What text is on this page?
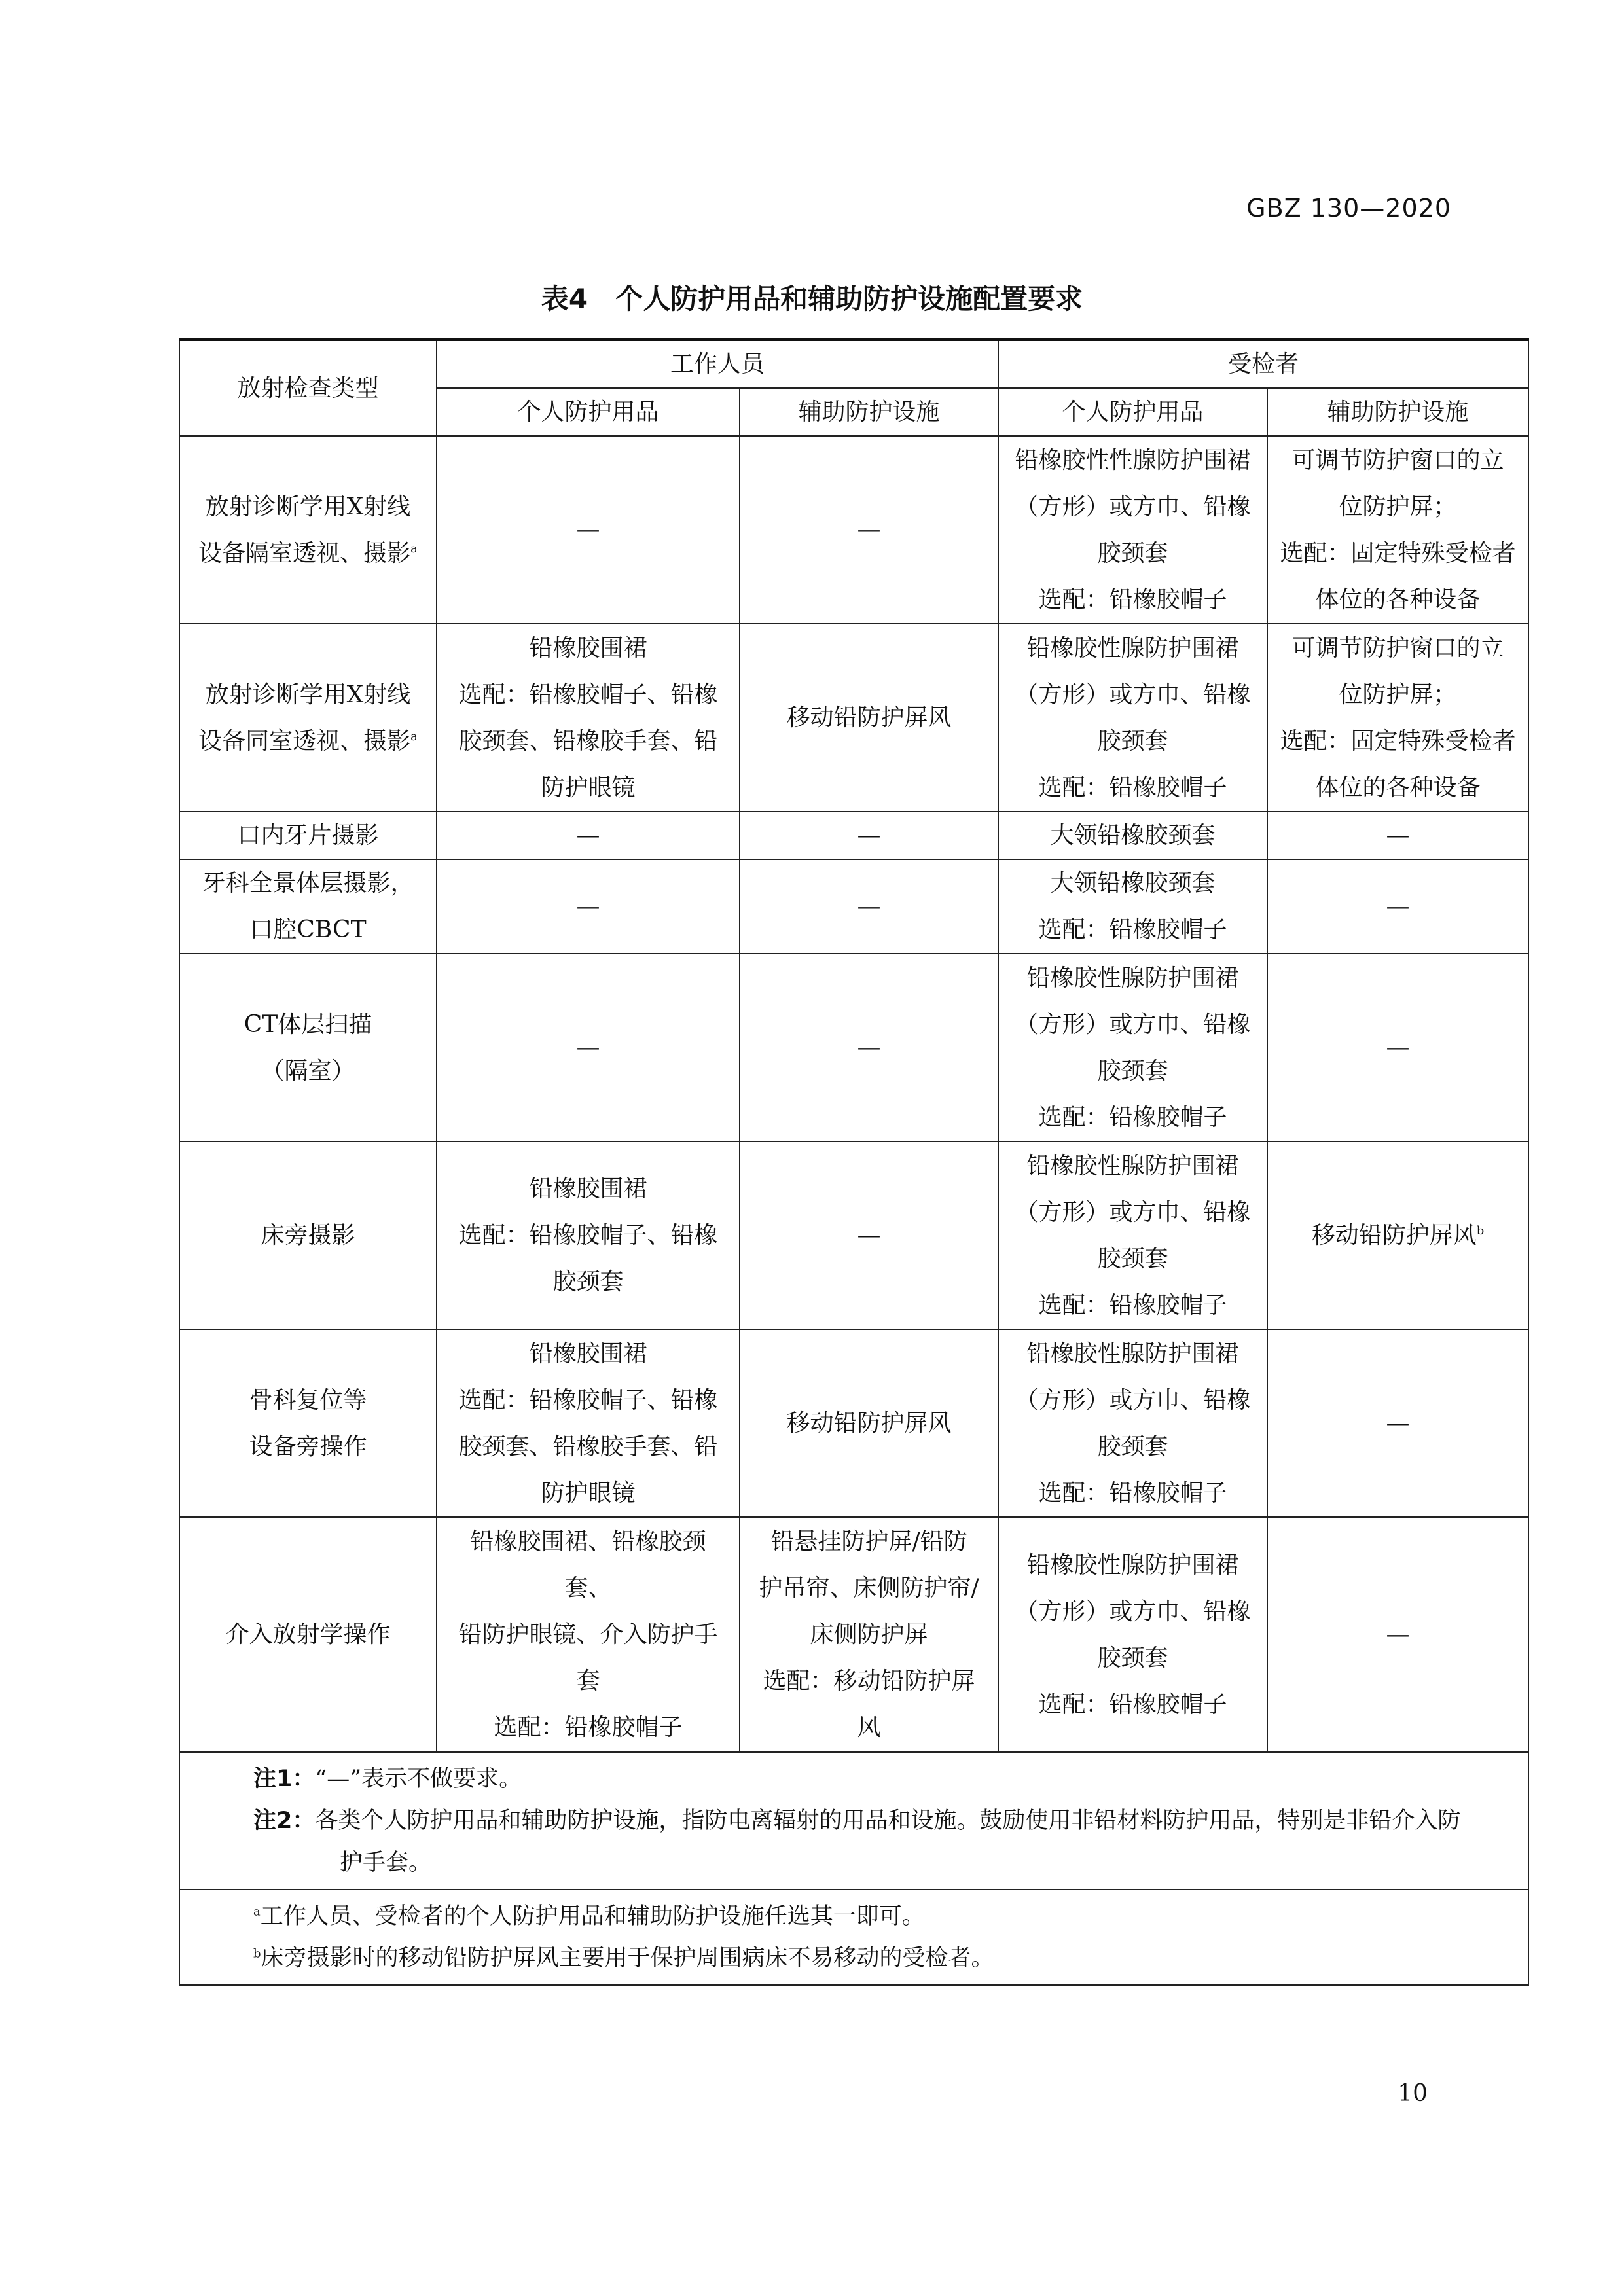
GBZ 130—2020
表4　个人防护用品和辅助防护设施配置要求
放射检查类型	工作人员		受检者	
	个人防护用品	辅助防护设施	个人防护用品	辅助防护设施

放射诊断学用X射线
设备隔室透视、摄影$^a$	—	—	铅橡胶性性腺防护围裙
（方形）或方巾、铅橡
胶颈套
选配：铅橡胶帽子	可调节防护窗口的立
位防护屏；
选配：固定特殊受检者
体位的各种设备

放射诊断学用X射线
设备同室透视、摄影$^a$	铅橡胶围裙
选配：铅橡胶帽子、铅橡
胶颈套、铅橡胶手套、铅
防护眼镜	移动铅防护屏风	铅橡胶性腺防护围裙
（方形）或方巾、铅橡
胶颈套
选配：铅橡胶帽子	可调节防护窗口的立
位防护屏；
选配：固定特殊受检者
体位的各种设备

口内牙片摄影	—	—	大领铅橡胶颈套	—

牙科全景体层摄影，
口腔CBCT	—	—	大领铅橡胶颈套
选配：铅橡胶帽子	—

CT体层扫描
（隔室）	—	—	铅橡胶性腺防护围裙
（方形）或方巾、铅橡
胶颈套
选配：铅橡胶帽子	—

床旁摄影	铅橡胶围裙
选配：铅橡胶帽子、铅橡
胶颈套	—	铅橡胶性腺防护围裙
（方形）或方巾、铅橡
胶颈套
选配：铅橡胶帽子	移动铅防护屏风$^b$

骨科复位等
设备旁操作	铅橡胶围裙
选配：铅橡胶帽子、铅橡
胶颈套、铅橡胶手套、铅
防护眼镜	移动铅防护屏风	铅橡胶性腺防护围裙
（方形）或方巾、铅橡
胶颈套
选配：铅橡胶帽子	—

介入放射学操作	铅橡胶围裙、铅橡胶颈套、
铅防护眼镜、介入防护手
套
选配：铅橡胶帽子	铅悬挂防护屏/铅防
护吊帘、床侧防护帘/
床侧防护屏
选配：移动铅防护屏
风	铅橡胶性腺防护围裙
（方形）或方巾、铅橡
胶颈套
选配：铅橡胶帽子	—

注1：“—”表示不做要求。
注2：各类个人防护用品和辅助防护设施，指防电离辐射的用品和设施。鼓励使用非铅材料防护用品，特别是非铅介入防
护手套。				

$^a$工作人员、受检者的个人防护用品和辅助防护设施任选其一即可。
$^b$床旁摄影时的移动铅防护屏风主要用于保护周围病床不易移动的受检者。				
10
